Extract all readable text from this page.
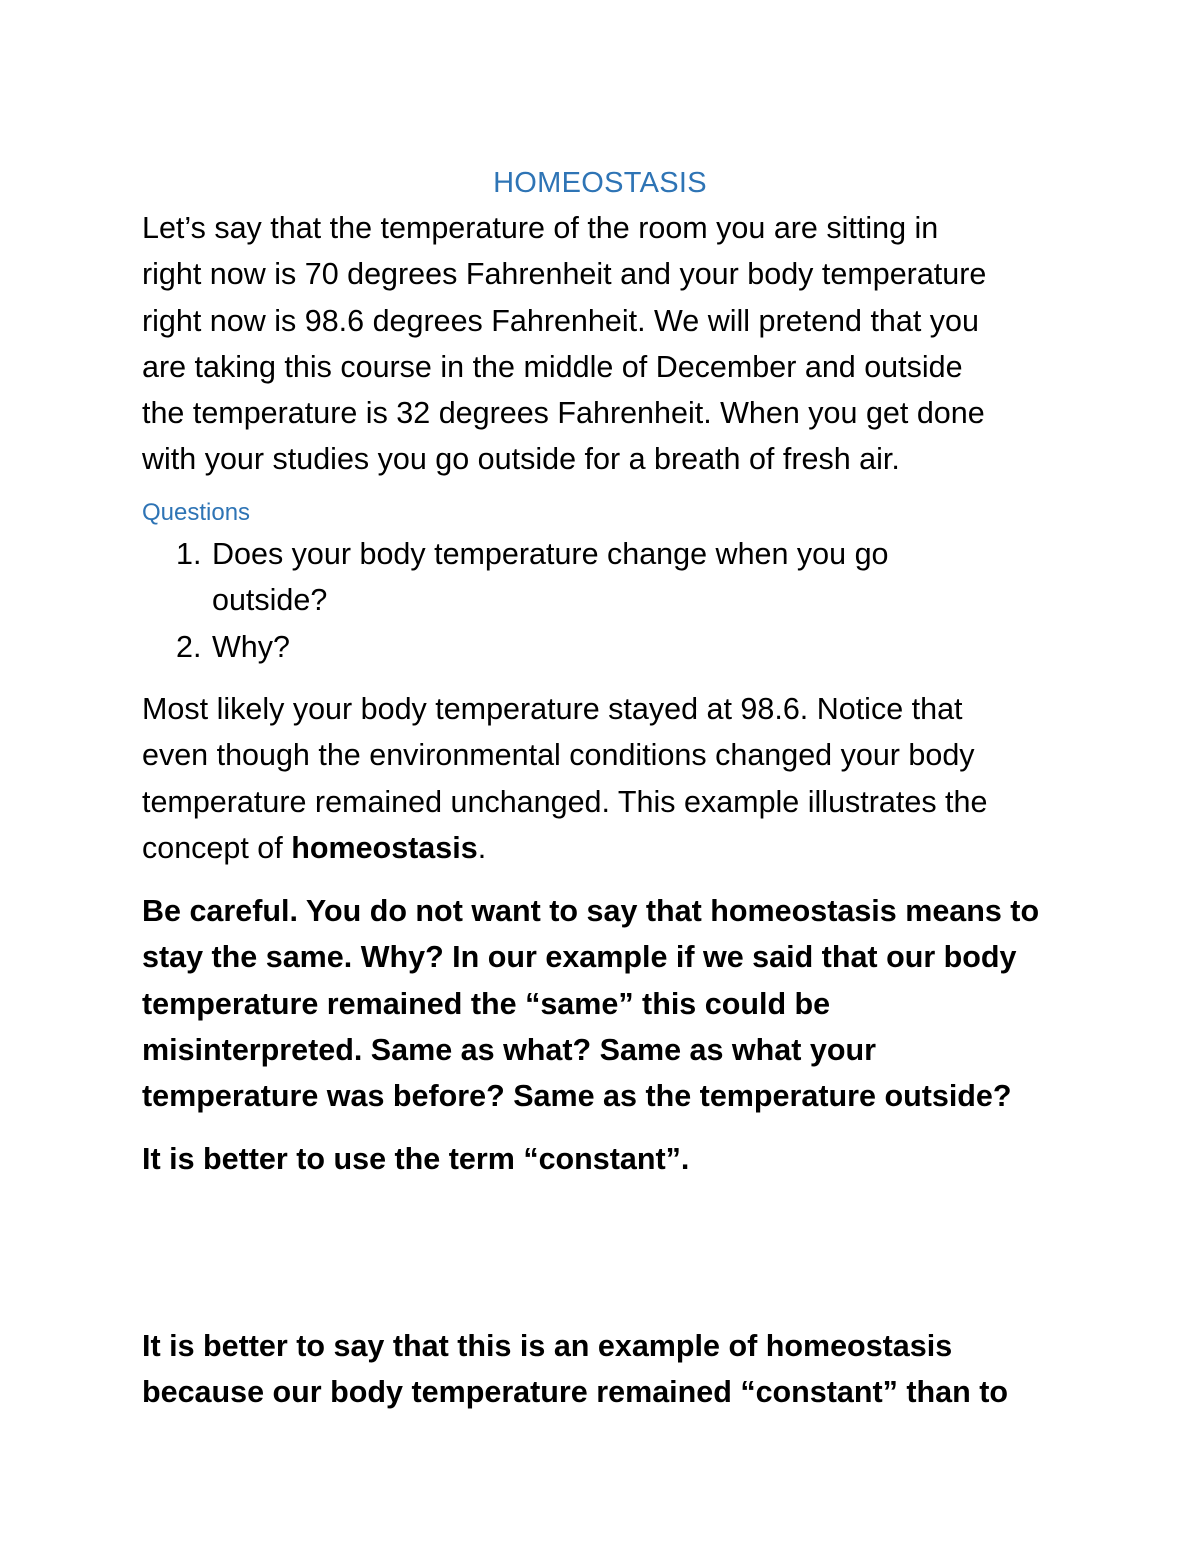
HOMEOSTASIS
Let’s say that the temperature of the room you are sitting in
right now is 70 degrees Fahrenheit and your body temperature
right now is 98.6 degrees Fahrenheit. We will pretend that you
are taking this course in the middle of December and outside
the temperature is 32 degrees Fahrenheit. When you get done
with your studies you go outside for a breath of fresh air.
Questions
1. Does your body temperature change when you go
outside?
2. Why?
Most likely your body temperature stayed at 98.6. Notice that
even though the environmental conditions changed your body
temperature remained unchanged. This example illustrates the
concept of homeostasis.
Be careful. You do not want to say that homeostasis means to
stay the same. Why? In our example if we said that our body
temperature remained the “same” this could be
misinterpreted. Same as what? Same as what your
temperature was before? Same as the temperature outside?
It is better to use the term “constant”.
It is better to say that this is an example of homeostasis
because our body temperature remained “constant” than to
